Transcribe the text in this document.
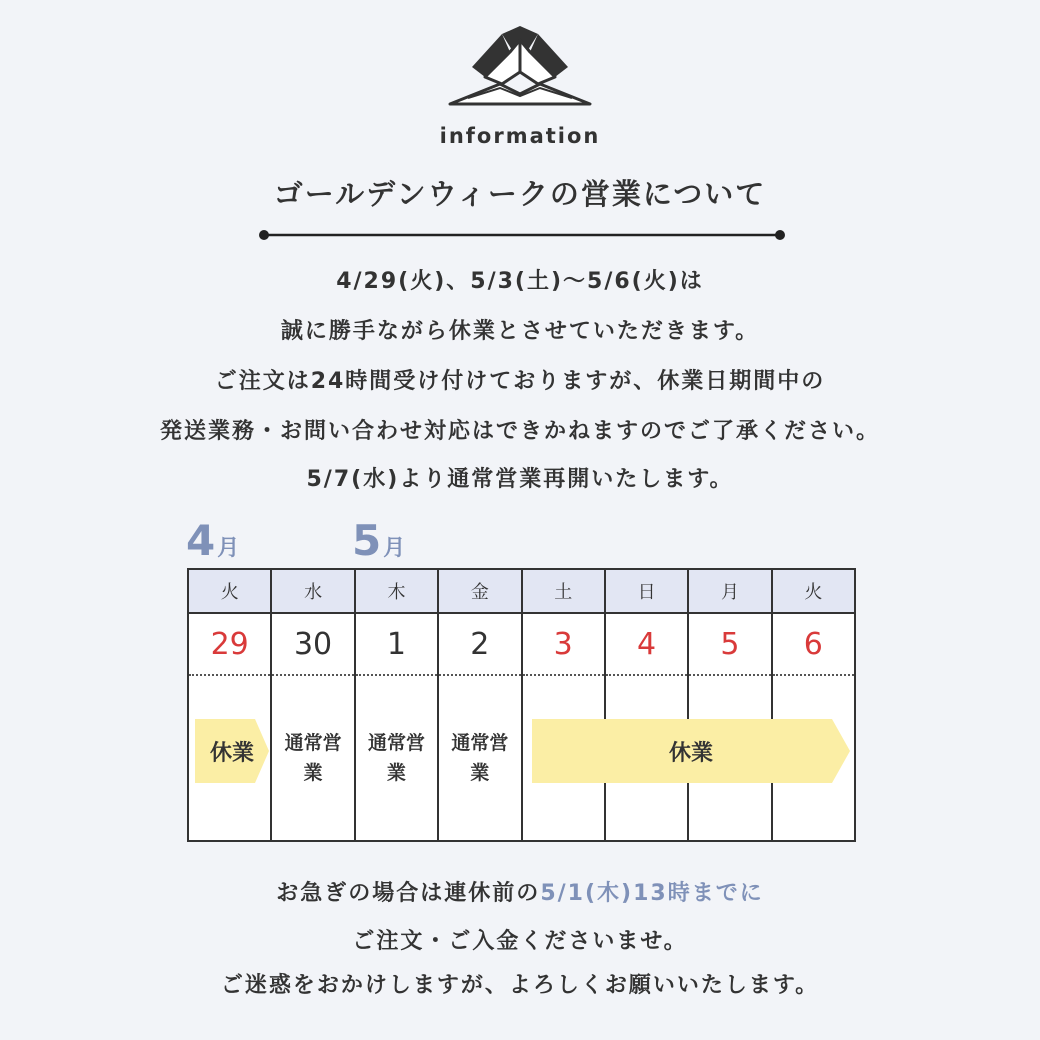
information
ゴールデンウィークの営業について
4/29(火)、5/3(土)〜5/6(火)は
誠に勝手ながら休業とさせていただきます。
ご注文は24時間受け付けておりますが、休業日期間中の
発送業務・お問い合わせ対応はできかねますのでご了承ください。
5/7(水)より通常営業再開いたします。
4月	5月
火
29
水
30
通常営業
木
1
通常営業
金
2
通常営業
土
3
日
4
月
5
火
6
休業	休業
お急ぎの場合は連休前の5/1(木)13時までに
ご注文・ご入金くださいませ。
ご迷惑をおかけしますが、よろしくお願いいたします。
